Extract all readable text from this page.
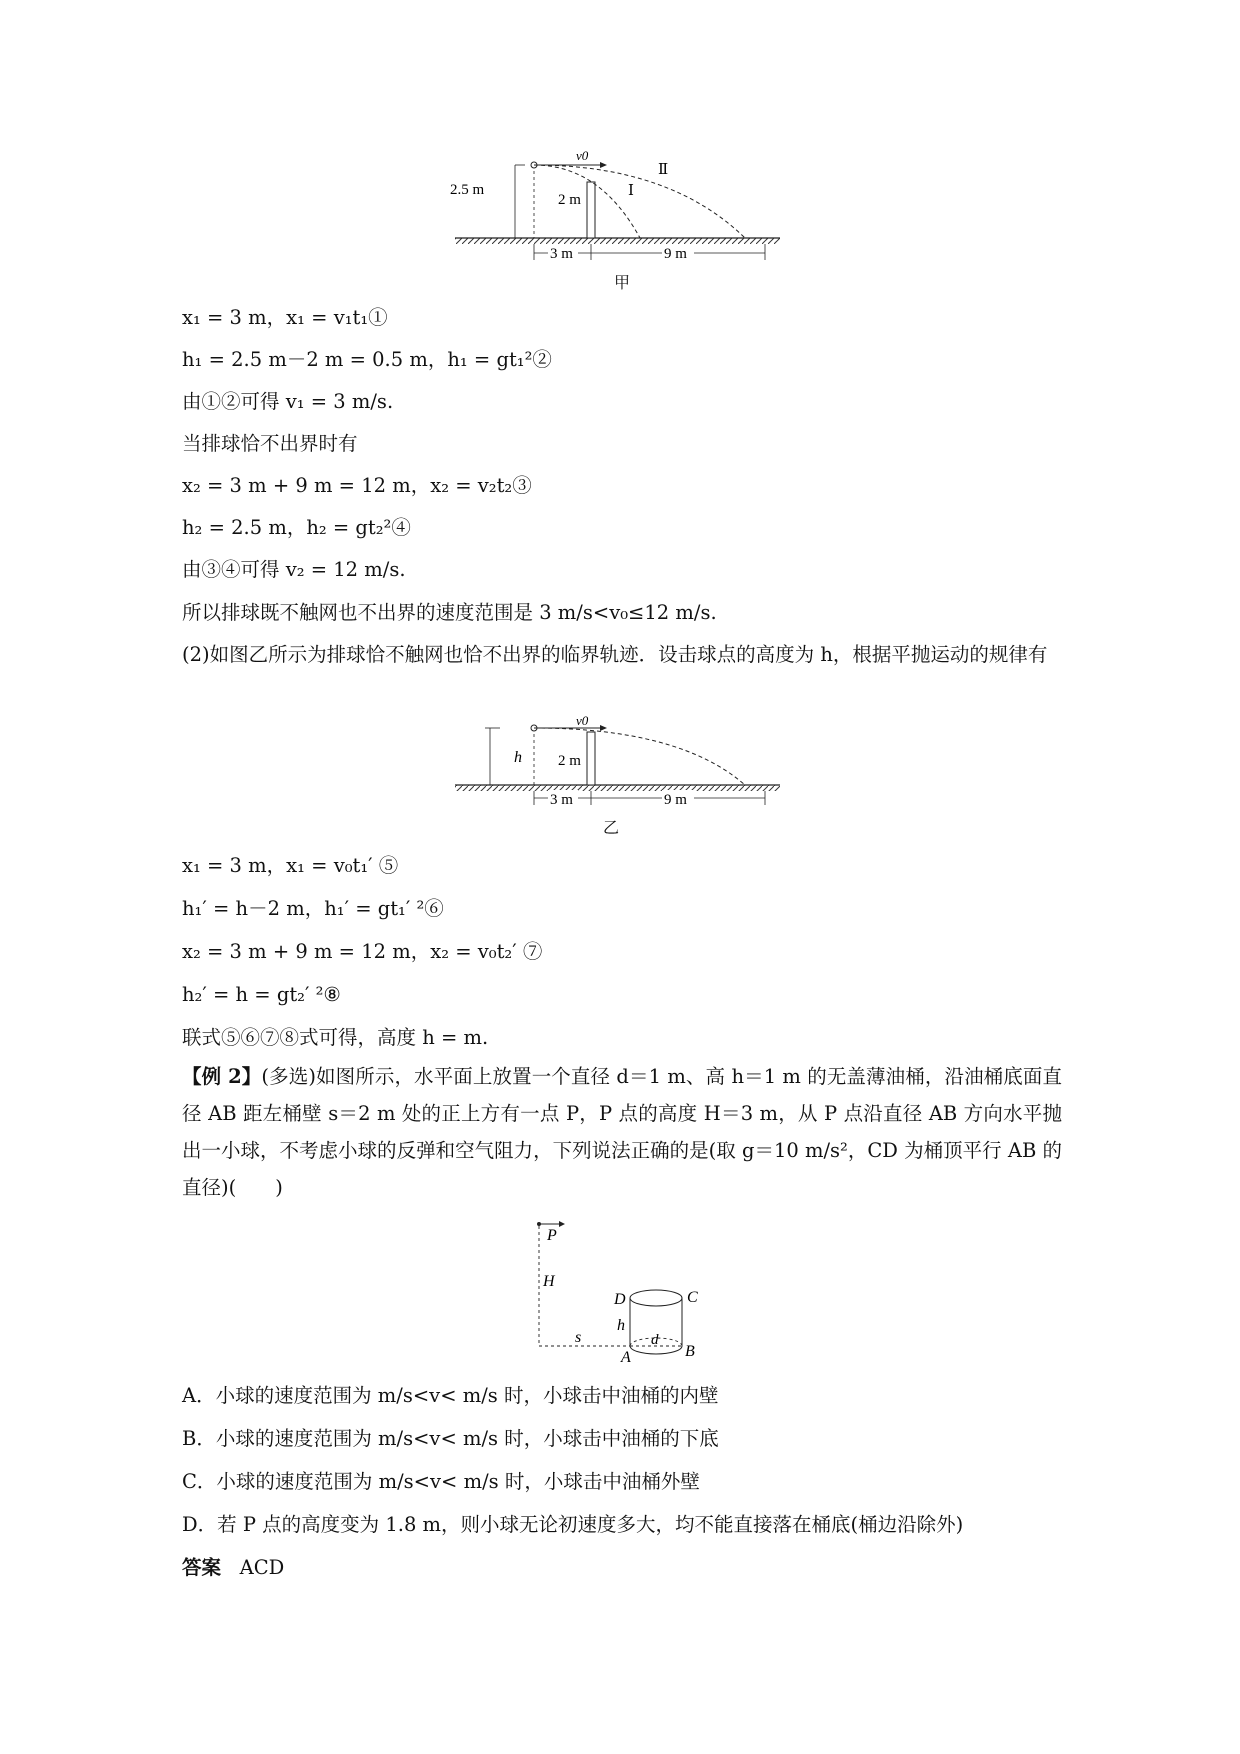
v0
2.5 m
2 m
Ⅰ
Ⅱ
3 m	9 m
甲
x₁ = 3 m，x₁ = v₁t₁①
h₁ = 2.5 m－2 m = 0.5 m，h₁ = gt₁²②
由①②可得 v₁ = 3 m/s.
当排球恰不出界时有
x₂ = 3 m + 9 m = 12 m，x₂ = v₂t₂③
h₂ = 2.5 m，h₂ = gt₂²④
由③④可得 v₂ = 12 m/s.
所以排球既不触网也不出界的速度范围是 3 m/s<v₀≤12 m/s.
(2)如图乙所示为排球恰不触网也恰不出界的临界轨迹．设击球点的高度为 h，根据平抛运动的规律有
v0
h 2 m
3 m	9 m
乙
x₁ = 3 m，x₁ = v₀t₁′ ⑤
h₁′ = h－2 m，h₁′ = gt₁′ ²⑥
x₂ = 3 m + 9 m = 12 m，x₂ = v₀t₂′ ⑦
h₂′ = h = gt₂′ ²⑧
联式⑤⑥⑦⑧式可得，高度 h = m.
【例 2】(多选)如图所示，水平面上放置一个直径 d＝1 m、高 h＝1 m 的无盖薄油桶，沿油桶底面直径 AB 距左桶壁 s＝2 m 处的正上方有一点 P，P 点的高度 H＝3 m，从 P 点沿直径 AB 方向水平抛出一小球，不考虑小球的反弹和空气阻力，下列说法正确的是(取 g＝10 m/s²，CD 为桶顶平行 AB 的直径)(　　)
P
H
s
D	C
h
d
A	B
A．小球的速度范围为 m/s<v< m/s 时，小球击中油桶的内壁
B．小球的速度范围为 m/s<v< m/s 时，小球击中油桶的下底
C．小球的速度范围为 m/s<v< m/s 时，小球击中油桶外壁
D．若 P 点的高度变为 1.8 m，则小球无论初速度多大，均不能直接落在桶底(桶边沿除外)
答案 ACD
